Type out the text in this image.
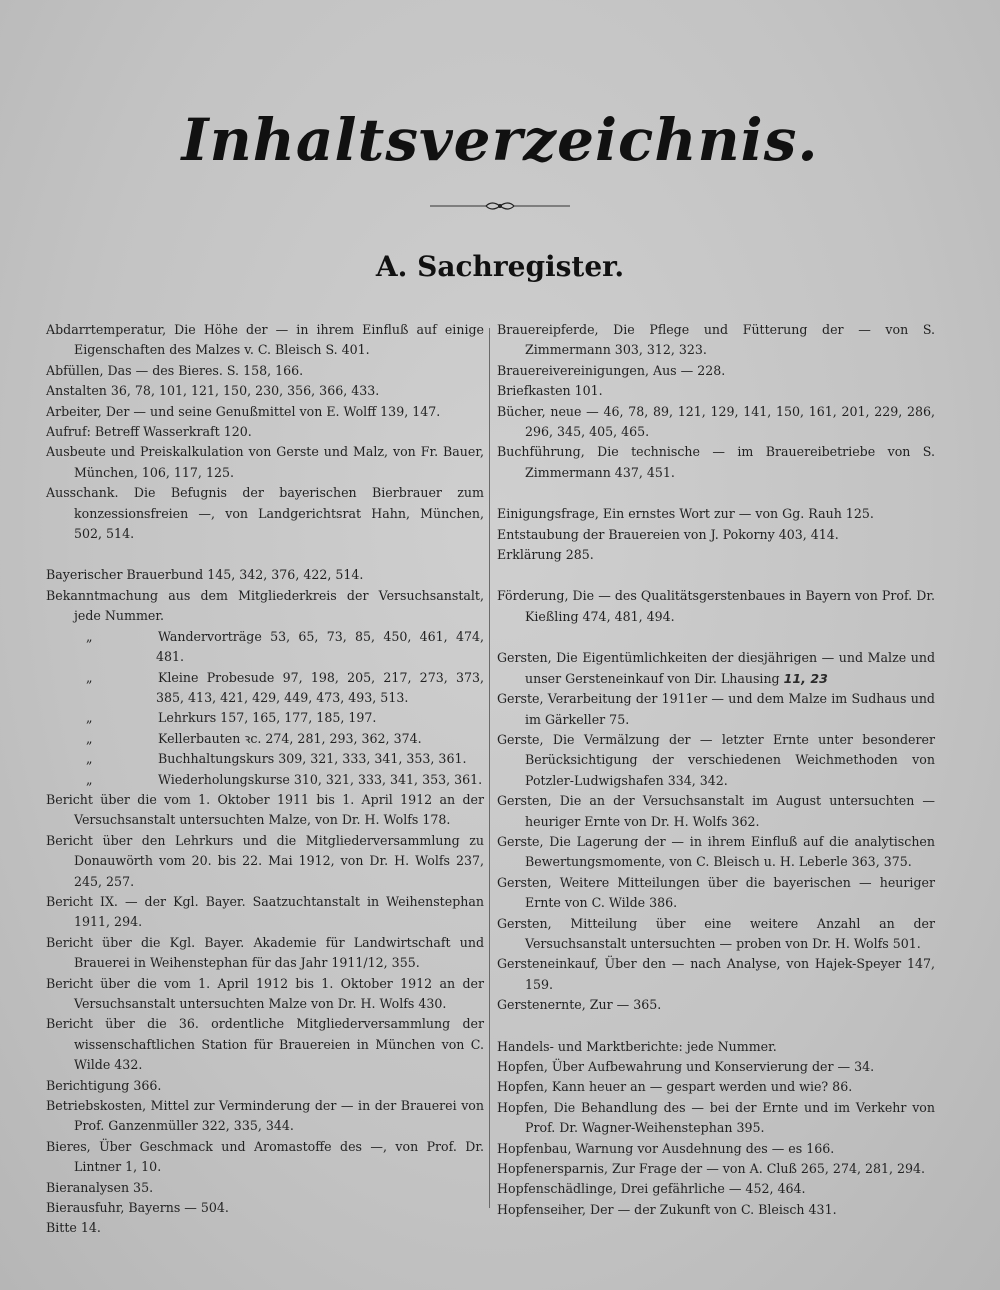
Inhaltsverzeichnis.
A. Sachregister.

Abdarrtemperatur, Die Höhe der — in ihrem Einfluß auf einige Eigenschaften des Malzes v. C. Bleisch S. 401.

Abfüllen, Das — des Bieres. S. 158, 166.

Anstalten 36, 78, 101, 121, 150, 230, 356, 366, 433.

Arbeiter, Der — und seine Genußmittel von E. Wolff 139, 147.

Aufruf: Betreff Wasserkraft 120.

Ausbeute und Preiskalkulation von Gerste und Malz, von Fr. Bauer, München, 106, 117, 125.

Ausschank. Die Befugnis der bayerischen Bierbrauer zum konzessionsfreien —, von Landgerichtsrat Hahn, München, 502, 514.

Bayerischer Brauerbund 145, 342, 376, 422, 514.

Bekanntmachung aus dem Mitgliederkreis der Versuchsanstalt, jede Nummer.

„	Wandervorträge 53, 65, 73, 85, 450, 461, 474, 481.

„	Kleine Probesude 97, 198, 205, 217, 273, 373, 385, 413, 421, 429, 449, 473, 493, 513.

„	Lehrkurs 157, 165, 177, 185, 197.

„	Kellerbauten ꝛc. 274, 281, 293, 362, 374.

„	Buchhaltungskurs 309, 321, 333, 341, 353, 361.

„	Wiederholungskurse 310, 321, 333, 341, 353, 361.

Bericht über die vom 1. Oktober 1911 bis 1. April 1912 an der Versuchsanstalt untersuchten Malze, von Dr. H. Wolfs 178.

Bericht über den Lehrkurs und die Mitgliederversammlung zu Donauwörth vom 20. bis 22. Mai 1912, von Dr. H. Wolfs 237, 245, 257.

Bericht IX. — der Kgl. Bayer. Saatzuchtanstalt in Weihenstephan 1911, 294.

Bericht über die Kgl. Bayer. Akademie für Landwirtschaft und Brauerei in Weihenstephan für das Jahr 1911/12, 355.

Bericht über die vom 1. April 1912 bis 1. Oktober 1912 an der Versuchsanstalt untersuchten Malze von Dr. H. Wolfs 430.

Bericht über die 36. ordentliche Mitgliederversammlung der wissenschaftlichen Station für Brauereien in München von C. Wilde 432.

Berichtigung 366.

Betriebskosten, Mittel zur Verminderung der — in der Brauerei von Prof. Ganzenmüller 322, 335, 344.

Bieres, Über Geschmack und Aromastoffe des —, von Prof. Dr. Lintner 1, 10.

Bieranalysen 35.

Bierausfuhr, Bayerns — 504.

Bitte 14.

Brauereipferde, Die Pflege und Fütterung der — von S. Zimmermann 303, 312, 323.

Brauereivereinigungen, Aus — 228.

Briefkasten 101.

Bücher, neue — 46, 78, 89, 121, 129, 141, 150, 161, 201, 229, 286, 296, 345, 405, 465.

Buchführung, Die technische — im Brauereibetriebe von S. Zimmermann 437, 451.

Einigungsfrage, Ein ernstes Wort zur — von Gg. Rauh 125.

Entstaubung der Brauereien von J. Pokorny 403, 414.

Erklärung 285.

Förderung, Die — des Qualitätsgerstenbaues in Bayern von Prof. Dr. Kießling 474, 481, 494.

Gersten, Die Eigentümlichkeiten der diesjährigen — und Malze und unser Gersteneinkauf von Dir. Lhausing 11, 23

Gerste, Verarbeitung der 1911er — und dem Malze im Sudhaus und im Gärkeller 75.

Gerste, Die Vermälzung der — letzter Ernte unter besonderer Berücksichtigung der verschiedenen Weichmethoden von Potzler-Ludwigshafen 334, 342.

Gersten, Die an der Versuchsanstalt im August untersuchten — heuriger Ernte von Dr. H. Wolfs 362.

Gerste, Die Lagerung der — in ihrem Einfluß auf die analytischen Bewertungsmomente, von C. Bleisch u. H. Leberle 363, 375.

Gersten, Weitere Mitteilungen über die bayerischen — heuriger Ernte von C. Wilde 386.

Gersten, Mitteilung über eine weitere Anzahl an der Versuchsanstalt untersuchten — proben von Dr. H. Wolfs 501.

Gersteneinkauf, Über den — nach Analyse, von Hajek-Speyer 147, 159.

Gerstenernte, Zur — 365.

Handels- und Marktberichte: jede Nummer.

Hopfen, Über Aufbewahrung und Konservierung der — 34.

Hopfen, Kann heuer an — gespart werden und wie? 86.

Hopfen, Die Behandlung des — bei der Ernte und im Verkehr von Prof. Dr. Wagner-Weihenstephan 395.

Hopfenbau, Warnung vor Ausdehnung des — es 166.

Hopfenersparnis, Zur Frage der — von A. Cluß 265, 274, 281, 294.

Hopfenschädlinge, Drei gefährliche — 452, 464.

Hopfenseiher, Der — der Zukunft von C. Bleisch 431.
